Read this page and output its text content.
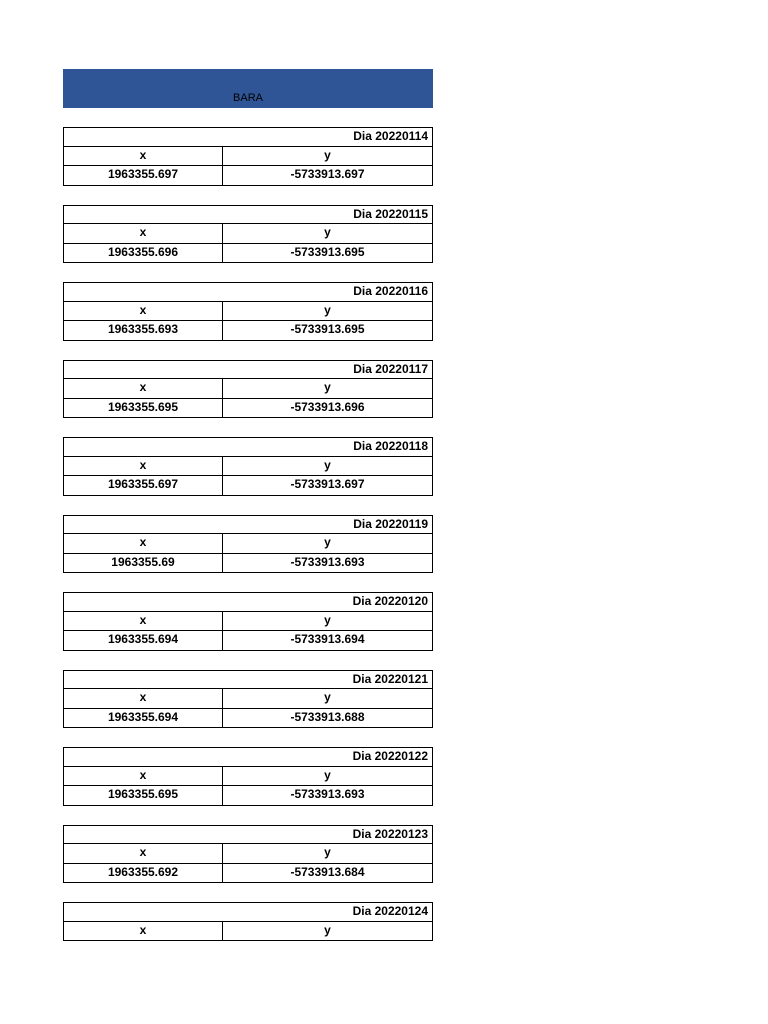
BARA
Dia 20220114
x	y
1963355.697	-5733913.697
Dia 20220115
x	y
1963355.696	-5733913.695
Dia 20220116
x	y
1963355.693	-5733913.695
Dia 20220117
x	y
1963355.695	-5733913.696
Dia 20220118
x	y
1963355.697	-5733913.697
Dia 20220119
x	y
1963355.69	-5733913.693
Dia 20220120
x	y
1963355.694	-5733913.694
Dia 20220121
x	y
1963355.694	-5733913.688
Dia 20220122
x	y
1963355.695	-5733913.693
Dia 20220123
x	y
1963355.692	-5733913.684
Dia 20220124
x	y
